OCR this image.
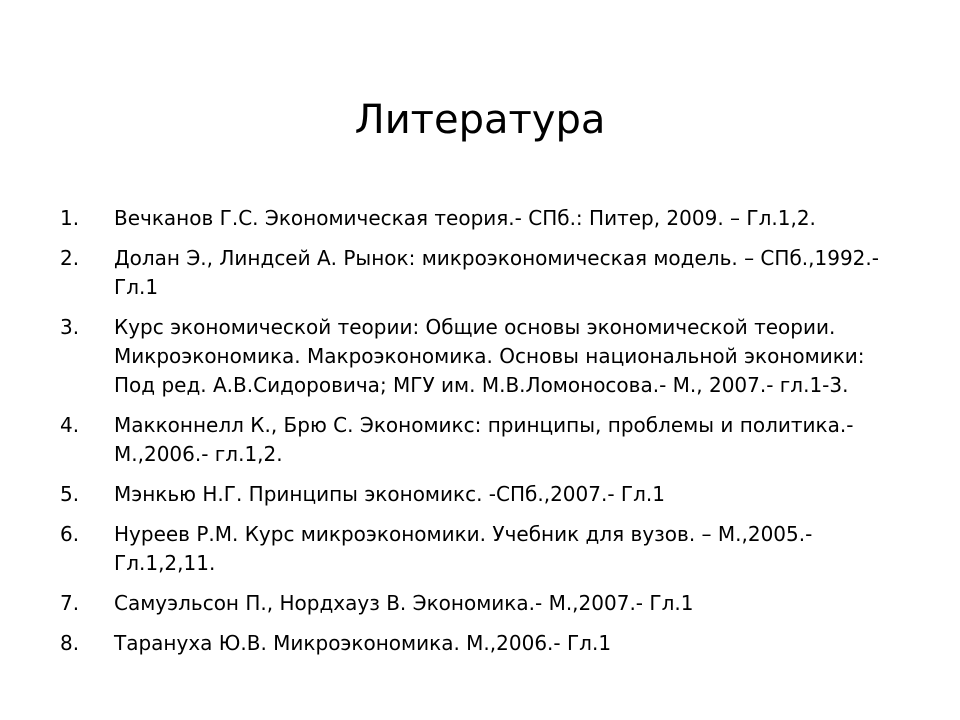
Литература
1.	Вечканов Г.С. Экономическая теория.- СПб.: Питер, 2009. – Гл.1,2.
2.	Долан Э., Линдсей А. Рынок: микроэкономическая модель. – СПб.,1992.- Гл.1
3.	Курс экономической теории: Общие основы экономической теории. Микроэкономика. Макроэкономика. Основы национальной экономики: Под ред. А.В.Сидоровича; МГУ им. М.В.Ломоносова.- М., 2007.- гл.1-3.
4.	Макконнелл К., Брю С. Экономикс: принципы, проблемы и политика.- М.,2006.- гл.1,2.
5.	Мэнкью Н.Г. Принципы экономикс. -СПб.,2007.- Гл.1
6.	Нуреев Р.М. Курс микроэкономики. Учебник для вузов. – М.,2005.- Гл.1,2,11.
7.	Самуэльсон П., Нордхауз В. Экономика.- М.,2007.- Гл.1
8.	Тарануха Ю.В. Микроэкономика. М.,2006.- Гл.1
